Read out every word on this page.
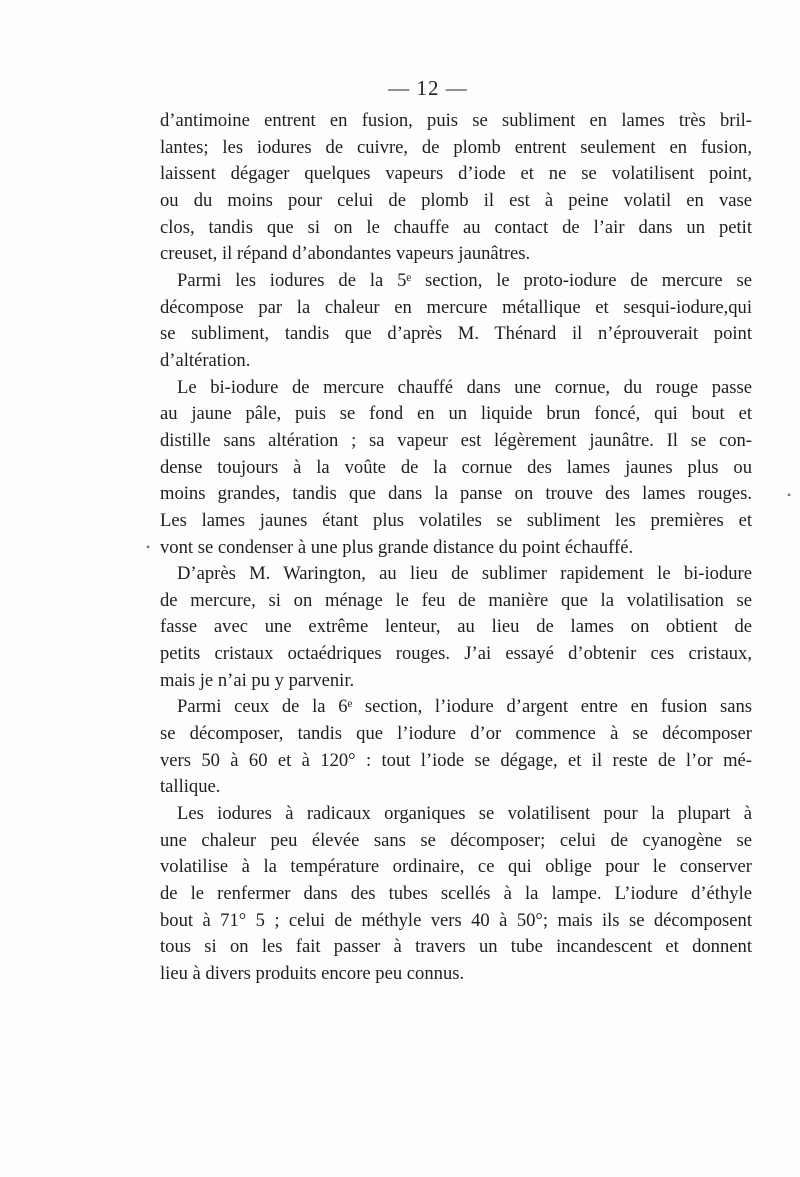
— 12 —
d’antimoine entrent en fusion, puis se subliment en lames très bril-
lantes; les iodures de cuivre, de plomb entrent seulement en fusion,
laissent dégager quelques vapeurs d’iode et ne se volatilisent point,
ou du moins pour celui de plomb il est à peine volatil en vase
clos, tandis que si on le chauffe au contact de l’air dans un petit
creuset, il répand d’abondantes vapeurs jaunâtres.
Parmi les iodures de la 5ᵉ section, le proto-iodure de mercure se
décompose par la chaleur en mercure métallique et sesqui-iodure,qui
se subliment, tandis que d’après M. Thénard il n’éprouverait point
d’altération.
Le bi-iodure de mercure chauffé dans une cornue, du rouge passe
au jaune pâle, puis se fond en un liquide brun foncé, qui bout et
distille sans altération ; sa vapeur est légèrement jaunâtre. Il se con-
dense toujours à la voûte de la cornue des lames jaunes plus ou
moins grandes, tandis que dans la panse on trouve des lames rouges.
Les lames jaunes étant plus volatiles se subliment les premières et
vont se condenser à une plus grande distance du point échauffé.
D’après M. Warington, au lieu de sublimer rapidement le bi-iodure
de mercure, si on ménage le feu de manière que la volatilisation se
fasse avec une extrême lenteur, au lieu de lames on obtient de
petits cristaux octaédriques rouges. J’ai essayé d’obtenir ces cristaux,
mais je n’ai pu y parvenir.
Parmi ceux de la 6ᵉ section, l’iodure d’argent entre en fusion sans
se décomposer, tandis que l’iodure d’or commence à se décomposer
vers 50 à 60 et à 120° : tout l’iode se dégage, et il reste de l’or mé-
tallique.
Les iodures à radicaux organiques se volatilisent pour la plupart à
une chaleur peu élevée sans se décomposer; celui de cyanogène se
volatilise à la température ordinaire, ce qui oblige pour le conserver
de le renfermer dans des tubes scellés à la lampe. L’iodure d’éthyle
bout à 71° 5 ; celui de méthyle vers 40 à 50°; mais ils se décomposent
tous si on les fait passer à travers un tube incandescent et donnent
lieu à divers produits encore peu connus.
•
•
